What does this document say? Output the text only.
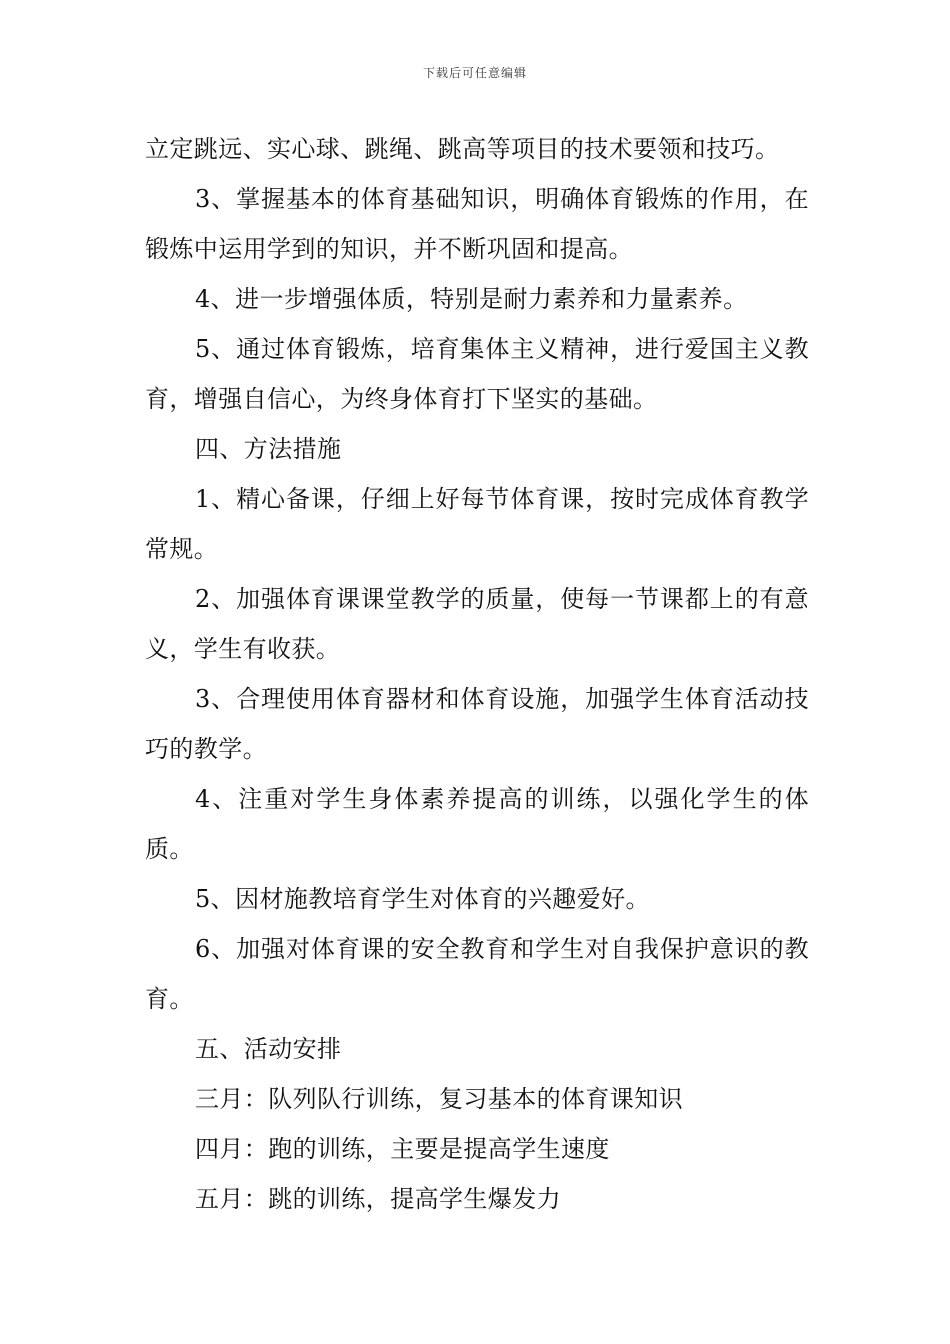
下载后可任意编辑

立定跳远、实心球、跳绳、跳高等项目的技术要领和技巧。

3、掌握基本的体育基础知识，明确体育锻炼的作用，在锻炼中运用学到的知识，并不断巩固和提高。

4、进一步增强体质，特别是耐力素养和力量素养。

5、通过体育锻炼，培育集体主义精神，进行爱国主义教育，增强自信心，为终身体育打下坚实的基础。

四、方法措施

1、精心备课，仔细上好每节体育课，按时完成体育教学常规。

2、加强体育课课堂教学的质量，使每一节课都上的有意义，学生有收获。

3、合理使用体育器材和体育设施，加强学生体育活动技巧的教学。

4、注重对学生身体素养提高的训练，以强化学生的体质。

5、因材施教培育学生对体育的兴趣爱好。

6、加强对体育课的安全教育和学生对自我保护意识的教育。

五、活动安排

三月：队列队行训练，复习基本的体育课知识

四月：跑的训练，主要是提高学生速度

五月：跳的训练，提高学生爆发力
